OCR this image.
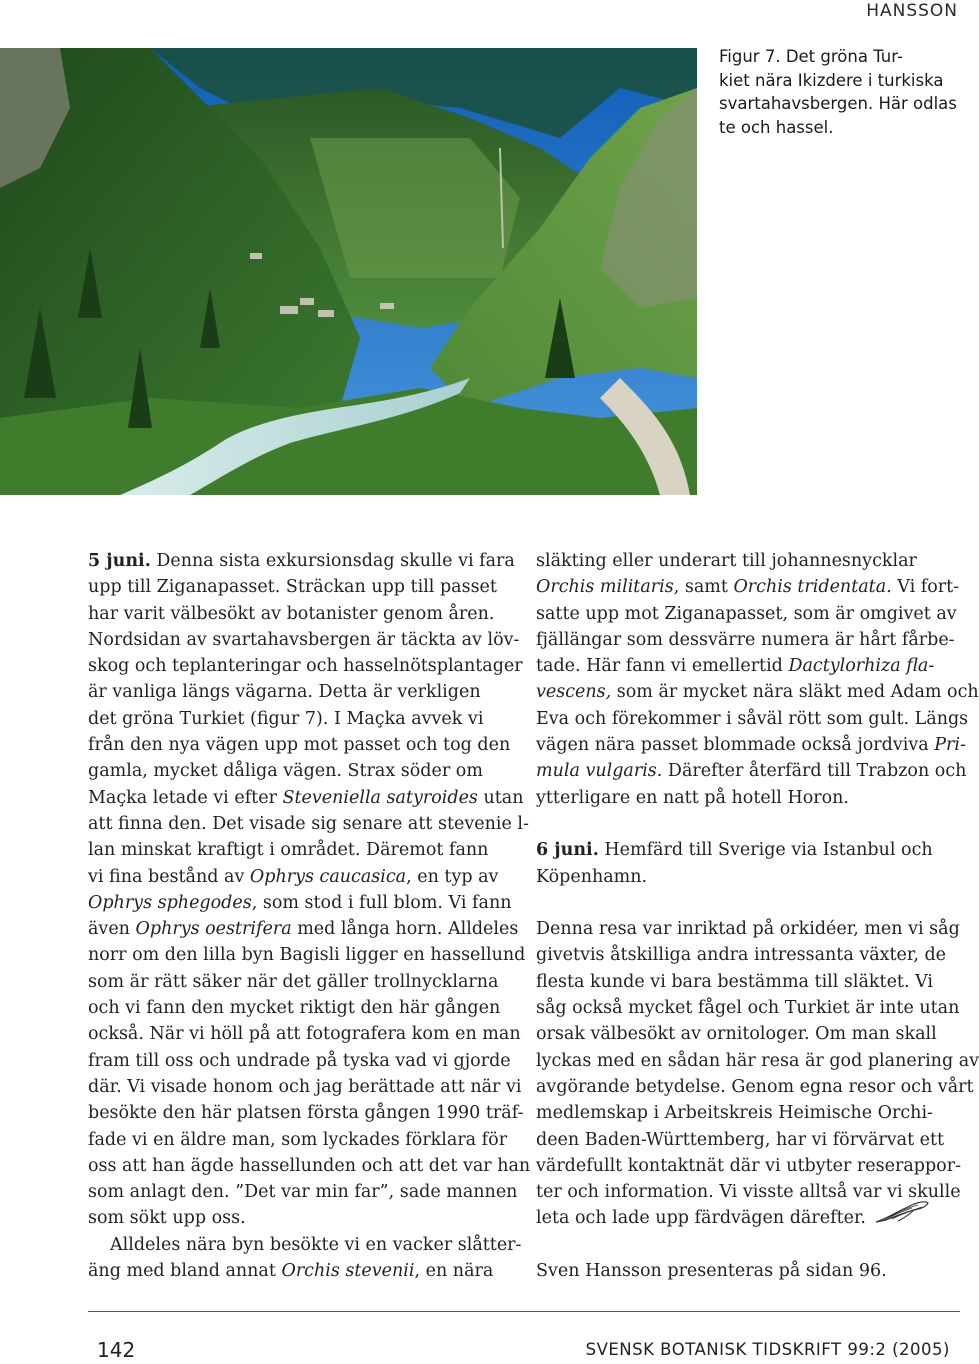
HANSSON
Figur 7. Det gröna Tur-
kiet nära Ikizdere i turkiska
svartahavsbergen. Här odlas
te och hassel.
5 juni. Denna sista exkursionsdag skulle vi fara
upp till Ziganapasset. Sträckan upp till passet
har varit välbesökt av botanister genom åren.
Nordsidan av svartahavsbergen är täckta av löv-
skog och teplanteringar och hasselnötsplantager
är vanliga längs vägarna. Detta är verkligen
det gröna Turkiet (figur 7). I Maçka avvek vi
från den nya vägen upp mot passet och tog den
gamla, mycket dåliga vägen. Strax söder om
Maçka letade vi efter Steveniella satyroides utan
att finna den. Det visade sig senare att stevenie l-
lan minskat kraftigt i området. Däremot fann
vi fina bestånd av Ophrys caucasica, en typ av
Ophrys sphegodes, som stod i full blom. Vi fann
även Ophrys oestrifera med långa horn. Alldeles
norr om den lilla byn Bagisli ligger en hassellund
som är rätt säker när det gäller trollnycklarna
och vi fann den mycket riktigt den här gången
också. När vi höll på att fotografera kom en man
fram till oss och undrade på tyska vad vi gjorde
där. Vi visade honom och jag berättade att när vi
besökte den här platsen första gången 1990 träf-
fade vi en äldre man, som lyckades förklara för
oss att han ägde hassellunden och att det var han
som anlagt den. ”Det var min far”, sade mannen
som sökt upp oss.
Alldeles nära byn besökte vi en vacker slåtter-
äng med bland annat Orchis stevenii, en nära
släkting eller underart till johannesnycklar
Orchis militaris, samt Orchis tridentata. Vi fort-
satte upp mot Ziganapasset, som är omgivet av
fjällängar som dessvärre numera är hårt fårbe-
tade. Här fann vi emellertid Dactylorhiza fla-
vescens, som är mycket nära släkt med Adam och
Eva och förekommer i såväl rött som gult. Längs
vägen nära passet blommade också jordviva Pri-
mula vulgaris. Därefter återfärd till Trabzon och
ytterligare en natt på hotell Horon.
6 juni. Hemfärd till Sverige via Istanbul och
Köpenhamn.
Denna resa var inriktad på orkidéer, men vi såg
givetvis åtskilliga andra intressanta växter, de
flesta kunde vi bara bestämma till släktet. Vi
såg också mycket fågel och Turkiet är inte utan
orsak välbesökt av ornitologer. Om man skall
lyckas med en sådan här resa är god planering av
avgörande betydelse. Genom egna resor och vårt
medlemskap i Arbeitskreis Heimische Orchi-
deen Baden-Württemberg, har vi förvärvat ett
värdefullt kontaktnät där vi utbyter reserappor-
ter och information. Vi visste alltså var vi skulle
leta och lade upp färdvägen därefter.
Sven Hansson presenteras på sidan 96.
142	SVENSK BOTANISK TIDSKRIFT 99:2 (2005)
